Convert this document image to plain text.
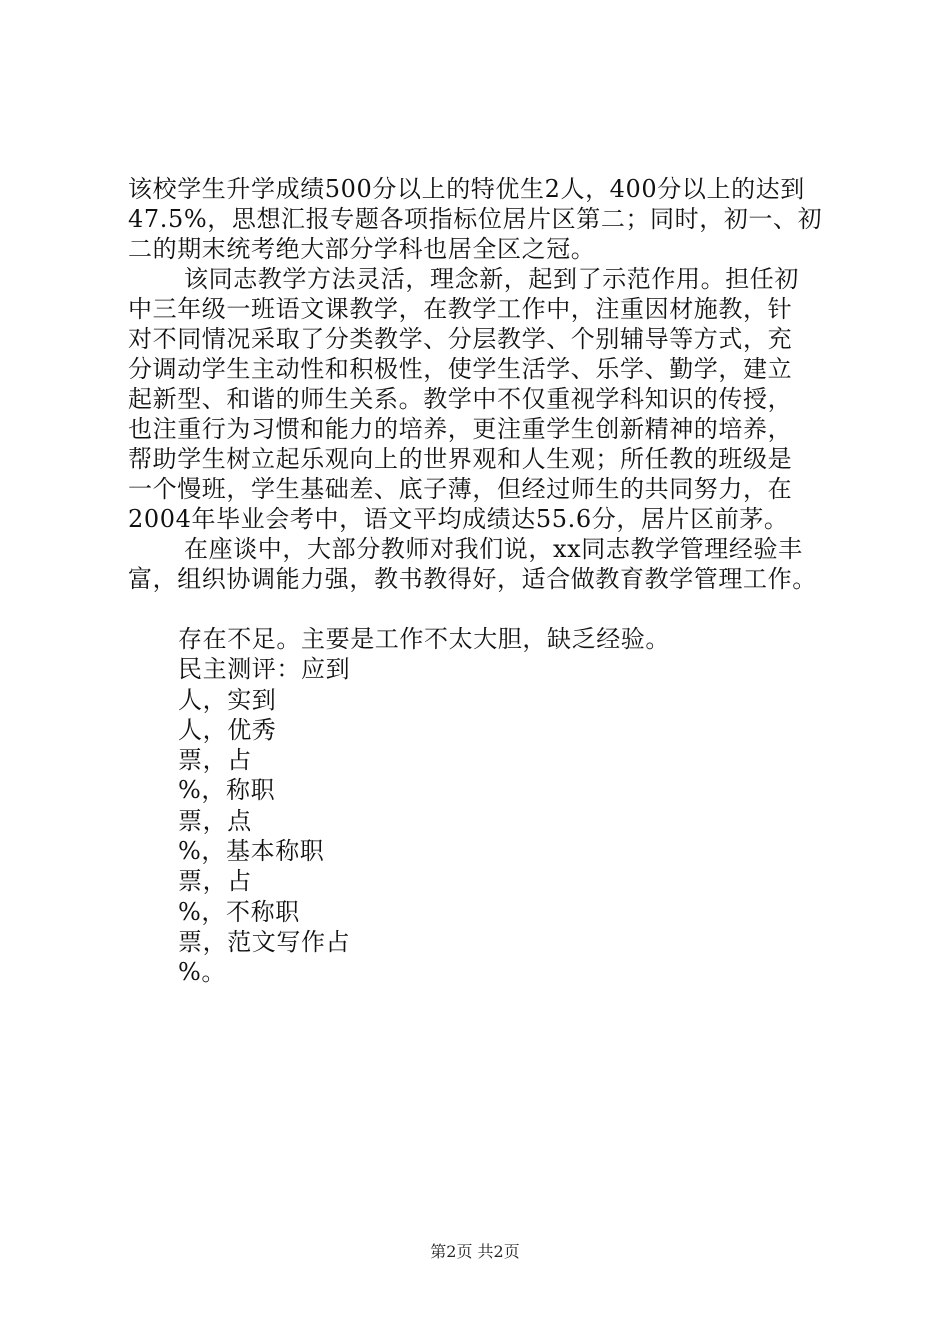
该校学生升学成绩500分以上的特优生2人，400分以上的达到
47.5%，思想汇报专题各项指标位居片区第二；同时，初一、初
二的期末统考绝大部分学科也居全区之冠。
该同志教学方法灵活，理念新，起到了示范作用。担任初
中三年级一班语文课教学，在教学工作中，注重因材施教，针
对不同情况采取了分类教学、分层教学、个别辅导等方式，充
分调动学生主动性和积极性，使学生活学、乐学、勤学，建立
起新型、和谐的师生关系。教学中不仅重视学科知识的传授，
也注重行为习惯和能力的培养，更注重学生创新精神的培养，
帮助学生树立起乐观向上的世界观和人生观；所任教的班级是
一个慢班，学生基础差、底子薄，但经过师生的共同努力，在
2004年毕业会考中，语文平均成绩达55.6分，居片区前茅。
在座谈中，大部分教师对我们说，xx同志教学管理经验丰
富，组织协调能力强，教书教得好，适合做教育教学管理工作。
存在不足。主要是工作不太大胆，缺乏经验。
民主测评：应到
人，实到
人，优秀
票，占
%，称职
票，点
%，基本称职
票，占
%，不称职
票，范文写作占
%。
第2页 共2页
